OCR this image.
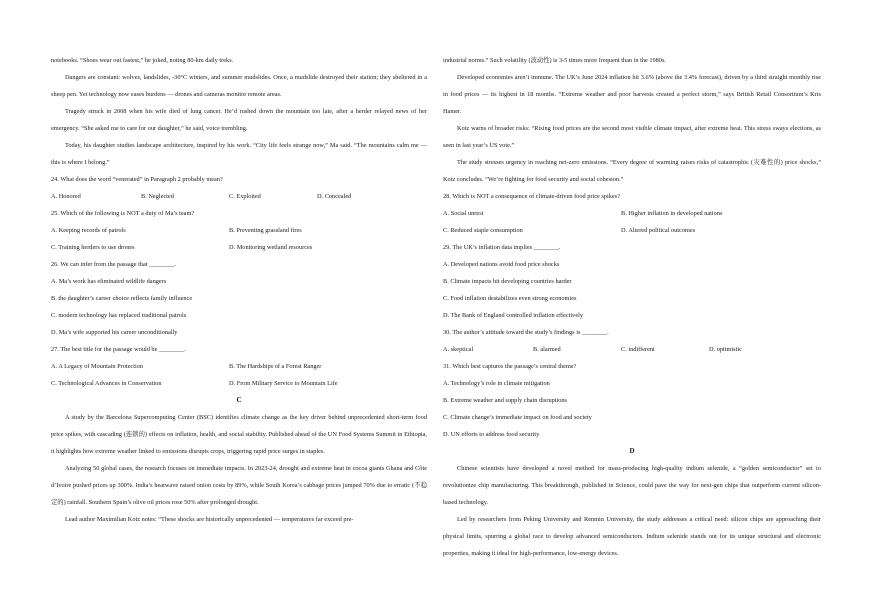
notebooks. “Shoes wear out fastest,” he joked, noting 80-km daily treks.

Dangers are constant: wolves, landslides, -30°C winters, and summer mudslides. Once, a mudslide destroyed their station; they sheltered in a sheep pen. Yet technology now eases burdens — drones and cameras monitor remote areas.

Tragedy struck in 2008 when his wife died of lung cancer. He’d rushed down the mountain too late, after a herder relayed news of her emergency. “She asked me to care for our daughter,” he said, voice trembling.

Today, his daughter studies landscape architecture, inspired by his work. “City life feels strange now,” Ma said. “The mountains calm me — this is where I belong.”

24. What does the word “venerated” in Paragraph 2 probably mean?

A. Honored	B. Neglected	C. Exploited	D. Concealed

25. Which of the following is NOT a duty of Ma’s team?

A. Keeping records of patrols	B. Preventing grassland fires
C. Training herders to use drones	D. Monitoring wetland resources

26. We can infer from the passage that ________.

A. Ma’s work has eliminated wildlife dangers

B. the daughter’s career choice reflects family influence

C. modern technology has replaced traditional patrols

D. Ma’s wife supported his career unconditionally

27. The best title for the passage would be ________.

A. A Legacy of Mountain Protection	B. The Hardships of a Forest Ranger
C. Technological Advances in Conservation	D. From Military Service to Mountain Life
C

A study by the Barcelona Supercomputing Center (BSC) identifies climate change as the key driver behind unprecedented short-term food price spikes, with cascading (连锁的) effects on inflation, health, and social stability. Published ahead of the UN Food Systems Summit in Ethiopia, it highlights how extreme weather linked to emissions disrupts crops, triggering rapid price surges in staples.

Analyzing 50 global cases, the research focuses on immediate impacts. In 2023-24, drought and extreme heat in cocoa giants Ghana and Côte d’Ivoire pushed prices up 300%. India’s heatwave raised onion costs by 89%, while South Korea’s cabbage prices jumped 70% due to erratic (不稳定的) rainfall. Southern Spain’s olive oil prices rose 50% after prolonged drought.

Lead author Maximilian Kotz notes: “These shocks are historically unprecedented — temperatures far exceed pre-

industrial norms.” Such volatility (波动性) is 3-5 times more frequent than in the 1980s.

Developed economies aren’t immune. The UK’s June 2024 inflation hit 3.6% (above the 3.4% forecast), driven by a third straight monthly rise in food prices — its highest in 18 months. “Extreme weather and poor harvests created a perfect storm,” says British Retail Consortium’s Kris Hamer.

Kotz warns of broader risks: “Rising food prices are the second most visible climate impact, after extreme heat. This stress sways elections, as seen in last year’s US vote.”

The study stresses urgency in reaching net-zero emissions. “Every degree of warming raises risks of catastrophic (灾难性的) price shocks,” Kotz concludes. “We’re fighting for food security and social cohesion.”

28. Which is NOT a consequence of climate-driven food price spikes?

A. Social unrest	B. Higher inflation in developed nations
C. Reduced staple consumption	D. Altered political outcomes

29. The UK’s inflation data implies ________.

A. Developed nations avoid food price shocks

B. Climate impacts hit developing countries harder

C. Food inflation destabilizes even strong economies

D. The Bank of England controlled inflation effectively

30. The author’s attitude toward the study’s findings is ________.

A. skeptical	B. alarmed	C. indifferent	D. optimistic

31. Which best captures the passage’s central theme?

A. Technology’s role in climate mitigation

B. Extreme weather and supply chain disruptions

C. Climate change’s immediate impact on food and society

D. UN efforts to address food security

D

Chinese scientists have developed a novel method for mass-producing high-quality indium selenide, a “golden semiconductor” set to revolutionize chip manufacturing. This breakthrough, published in Science, could pave the way for next-gen chips that outperform current silicon-based technology.

Led by researchers from Peking University and Renmin University, the study addresses a critical need: silicon chips are approaching their physical limits, spurring a global race to develop advanced semiconductors. Indium selenide stands out for its unique structural and electronic properties, making it ideal for high-performance, low-energy devices.
